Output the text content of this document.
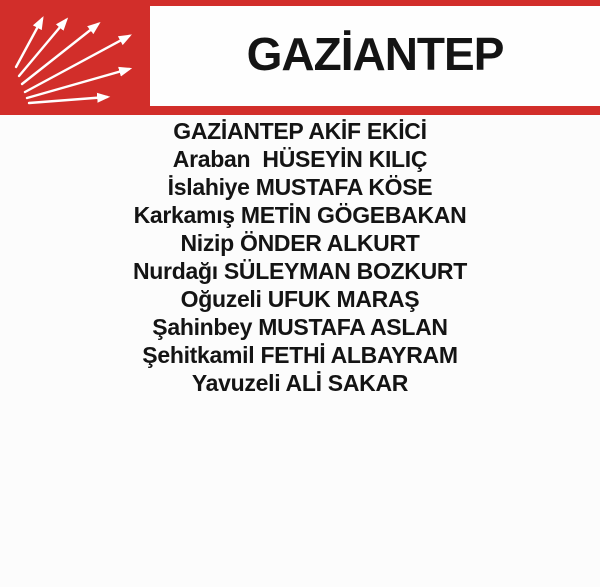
GAZİANTEP
GAZİANTEP AKİF EKİCİ
Araban  HÜSEYİN KILIÇ
İslahiye MUSTAFA KÖSE
Karkamış METİN GÖGEBAKAN
Nizip ÖNDER ALKURT
Nurdağı SÜLEYMAN BOZKURT
Oğuzeli UFUK MARAŞ
Şahinbey MUSTAFA ASLAN
Şehitkamil FETHİ ALBAYRAM
Yavuzeli ALİ SAKAR
